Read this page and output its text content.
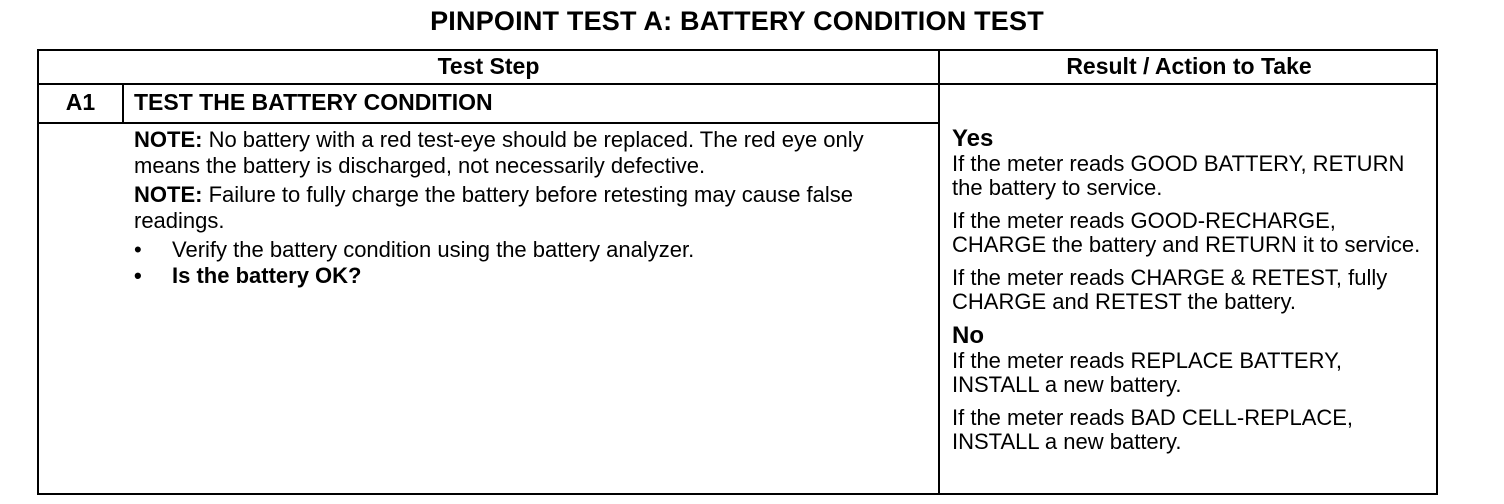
PINPOINT TEST A: BATTERY CONDITION TEST
Test Step	Result / Action to Take
A1	TEST THE BATTERY CONDITION

NOTE: No battery with a red test-eye should be replaced. The red eye only means the battery is discharged, not necessarily defective.

NOTE: Failure to fully charge the battery before retesting may cause false readings.

• Verify the battery condition using the battery analyzer.
• Is the battery OK?
Yes

If the meter reads GOOD BATTERY, RETURN the battery to service.

If the meter reads GOOD-RECHARGE, CHARGE the battery and RETURN it to service.

If the meter reads CHARGE & RETEST, fully CHARGE and RETEST the battery.

No

If the meter reads REPLACE BATTERY, INSTALL a new battery.

If the meter reads BAD CELL-REPLACE, INSTALL a new battery.
